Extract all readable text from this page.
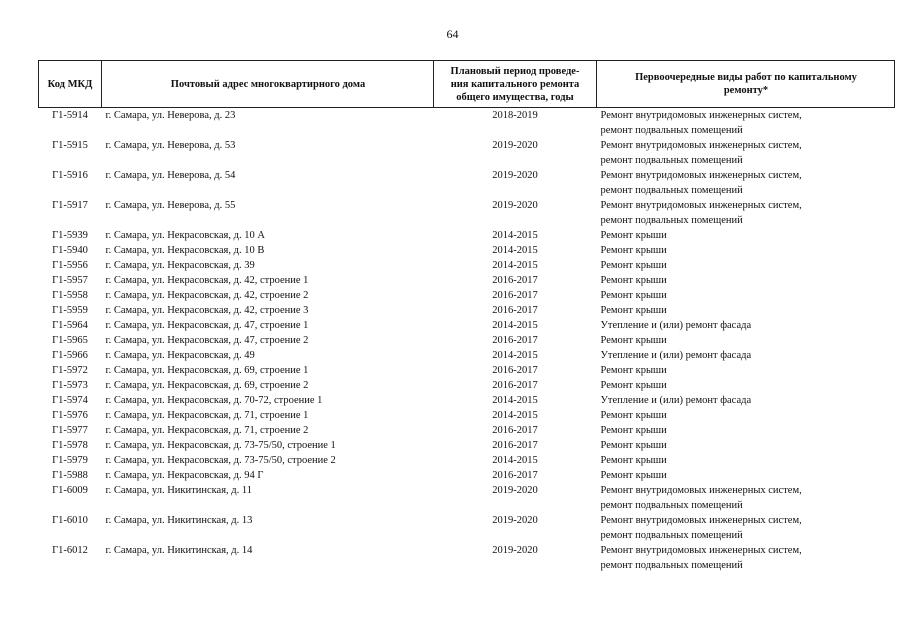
64
Код МКД	Почтовый адрес многоквартирного дома	Плановый период проведе-
ния капитального ремонта
общего имущества, годы	Первоочередные виды работ по капитальному
ремонту*
Г1-5914	г. Самара, ул. Неверова, д. 23	2018-2019	Ремонт внутридомовых инженерных систем,
ремонт подвальных помещений
Г1-5915	г. Самара, ул. Неверова, д. 53	2019-2020	Ремонт внутридомовых инженерных систем,
ремонт подвальных помещений
Г1-5916	г. Самара, ул. Неверова, д. 54	2019-2020	Ремонт внутридомовых инженерных систем,
ремонт подвальных помещений
Г1-5917	г. Самара, ул. Неверова, д. 55	2019-2020	Ремонт внутридомовых инженерных систем,
ремонт подвальных помещений
Г1-5939	г. Самара, ул. Некрасовская, д. 10 А	2014-2015	Ремонт крыши
Г1-5940	г. Самара, ул. Некрасовская, д. 10 В	2014-2015	Ремонт крыши
Г1-5956	г. Самара, ул. Некрасовская, д. 39	2014-2015	Ремонт крыши
Г1-5957	г. Самара, ул. Некрасовская, д. 42, строение 1	2016-2017	Ремонт крыши
Г1-5958	г. Самара, ул. Некрасовская, д. 42, строение 2	2016-2017	Ремонт крыши
Г1-5959	г. Самара, ул. Некрасовская, д. 42, строение 3	2016-2017	Ремонт крыши
Г1-5964	г. Самара, ул. Некрасовская, д. 47, строение 1	2014-2015	Утепление и (или) ремонт фасада
Г1-5965	г. Самара, ул. Некрасовская, д. 47, строение 2	2016-2017	Ремонт крыши
Г1-5966	г. Самара, ул. Некрасовская, д. 49	2014-2015	Утепление и (или) ремонт фасада
Г1-5972	г. Самара, ул. Некрасовская, д. 69, строение 1	2016-2017	Ремонт крыши
Г1-5973	г. Самара, ул. Некрасовская, д. 69, строение 2	2016-2017	Ремонт крыши
Г1-5974	г. Самара, ул. Некрасовская, д. 70-72, строение 1	2014-2015	Утепление и (или) ремонт фасада
Г1-5976	г. Самара, ул. Некрасовская, д. 71, строение 1	2014-2015	Ремонт крыши
Г1-5977	г. Самара, ул. Некрасовская, д. 71, строение 2	2016-2017	Ремонт крыши
Г1-5978	г. Самара, ул. Некрасовская, д. 73-75/50, строение 1	2016-2017	Ремонт крыши
Г1-5979	г. Самара, ул. Некрасовская, д. 73-75/50, строение 2	2014-2015	Ремонт крыши
Г1-5988	г. Самара, ул. Некрасовская, д. 94 Г	2016-2017	Ремонт крыши
Г1-6009	г. Самара, ул. Никитинская, д. 11	2019-2020	Ремонт внутридомовых инженерных систем,
ремонт подвальных помещений
Г1-6010	г. Самара, ул. Никитинская, д. 13	2019-2020	Ремонт внутридомовых инженерных систем,
ремонт подвальных помещений
Г1-6012	г. Самара, ул. Никитинская, д. 14	2019-2020	Ремонт внутридомовых инженерных систем,
ремонт подвальных помещений
